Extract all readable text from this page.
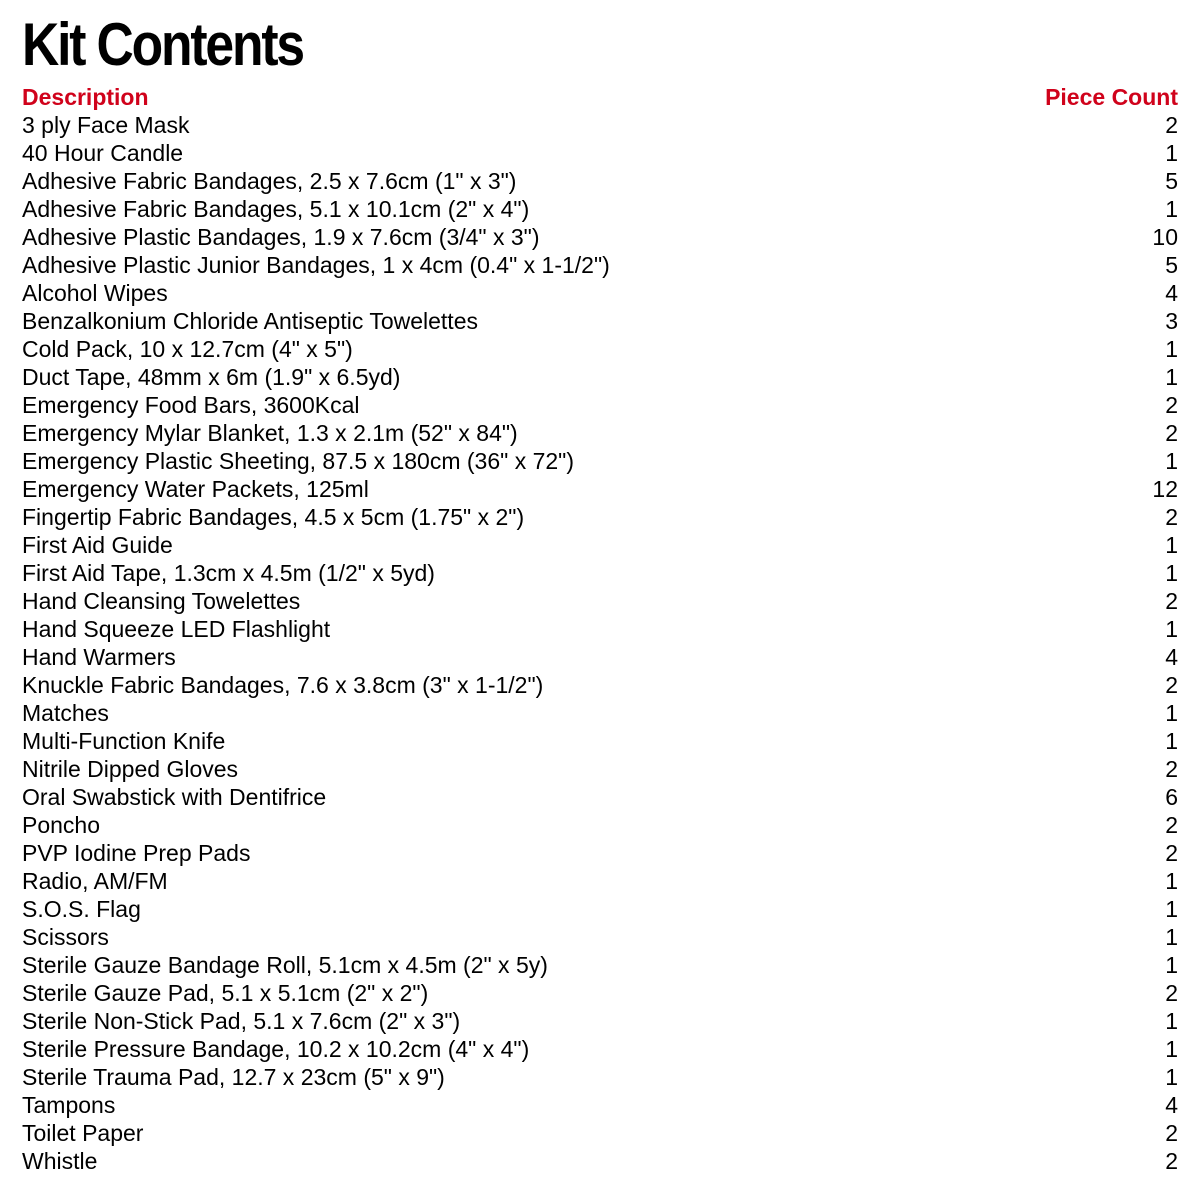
Kit Contents
Description	Piece Count
3 ply Face Mask	2
40 Hour Candle	1
Adhesive Fabric Bandages, 2.5 x 7.6cm (1" x 3")	5
Adhesive Fabric Bandages, 5.1 x 10.1cm (2" x 4")	1
Adhesive Plastic Bandages, 1.9 x 7.6cm (3/4" x 3")	10
Adhesive Plastic Junior Bandages, 1 x 4cm (0.4" x 1-1/2")	5
Alcohol Wipes	4
Benzalkonium Chloride Antiseptic Towelettes	3
Cold Pack, 10 x 12.7cm (4" x 5")	1
Duct Tape, 48mm x 6m (1.9" x 6.5yd)	1
Emergency Food Bars, 3600Kcal	2
Emergency Mylar Blanket, 1.3 x 2.1m (52" x 84")	2
Emergency Plastic Sheeting, 87.5 x 180cm (36" x 72")	1
Emergency Water Packets, 125ml	12
Fingertip Fabric Bandages, 4.5 x 5cm (1.75" x 2")	2
First Aid Guide	1
First Aid Tape, 1.3cm x 4.5m (1/2" x 5yd)	1
Hand Cleansing Towelettes	2
Hand Squeeze LED Flashlight	1
Hand Warmers	4
Knuckle Fabric Bandages, 7.6 x 3.8cm (3" x 1-1/2")	2
Matches	1
Multi-Function Knife	1
Nitrile Dipped Gloves	2
Oral Swabstick with Dentifrice	6
Poncho	2
PVP Iodine Prep Pads	2
Radio, AM/FM	1
S.O.S. Flag	1
Scissors	1
Sterile Gauze Bandage Roll, 5.1cm x 4.5m (2" x 5y)	1
Sterile Gauze Pad, 5.1 x 5.1cm (2" x 2")	2
Sterile Non-Stick Pad, 5.1 x 7.6cm (2" x 3")	1
Sterile Pressure Bandage, 10.2 x 10.2cm (4" x 4")	1
Sterile Trauma Pad, 12.7 x 23cm (5" x 9")	1
Tampons	4
Toilet Paper	2
Whistle	2
